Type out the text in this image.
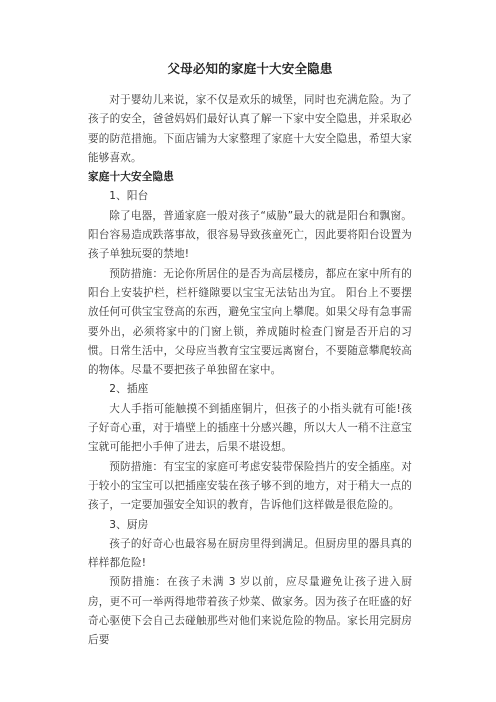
父母必知的家庭十大安全隐患

对于婴幼儿来说，家不仅是欢乐的城堡，同时也充满危险。为了孩子的安全，爸爸妈妈们最好认真了解一下家中安全隐患，并采取必要的防范措施。下面店铺为大家整理了家庭十大安全隐患，希望大家能够喜欢。

家庭十大安全隐患

1、阳台

除了电器，普通家庭一般对孩子“威胁”最大的就是阳台和飘窗。阳台容易造成跌落事故，很容易导致孩童死亡，因此要将阳台设置为孩子单独玩耍的禁地!

预防措施：无论你所居住的是否为高层楼房，都应在家中所有的阳台上安装护栏，栏杆缝隙要以宝宝无法钻出为宜。 阳台上不要摆放任何可供宝宝登高的东西，避免宝宝向上攀爬。如果父母有急事需要外出，必须将家中的门窗上锁，养成随时检查门窗是否开启的习惯。日常生活中，父母应当教育宝宝要远离窗台，不要随意攀爬较高的物体。尽量不要把孩子单独留在家中。

2、插座

大人手指可能触摸不到插座铜片，但孩子的小指头就有可能!孩子好奇心重，对于墙壁上的插座十分感兴趣，所以大人一稍不注意宝宝就可能把小手伸了进去，后果不堪设想。

预防措施：有宝宝的家庭可考虑安装带保险挡片的安全插座。对于较小的宝宝可以把插座安装在孩子够不到的地方，对于稍大一点的孩子，一定要加强安全知识的教育，告诉他们这样做是很危险的。

3、厨房

孩子的好奇心也最容易在厨房里得到满足。但厨房里的器具真的样样都危险!

预防措施：在孩子未满 3 岁以前，应尽量避免让孩子进入厨房，更不可一举两得地带着孩子炒菜、做家务。因为孩子在旺盛的好奇心驱使下会自己去碰触那些对他们来说危险的物品。家长用完厨房后要
